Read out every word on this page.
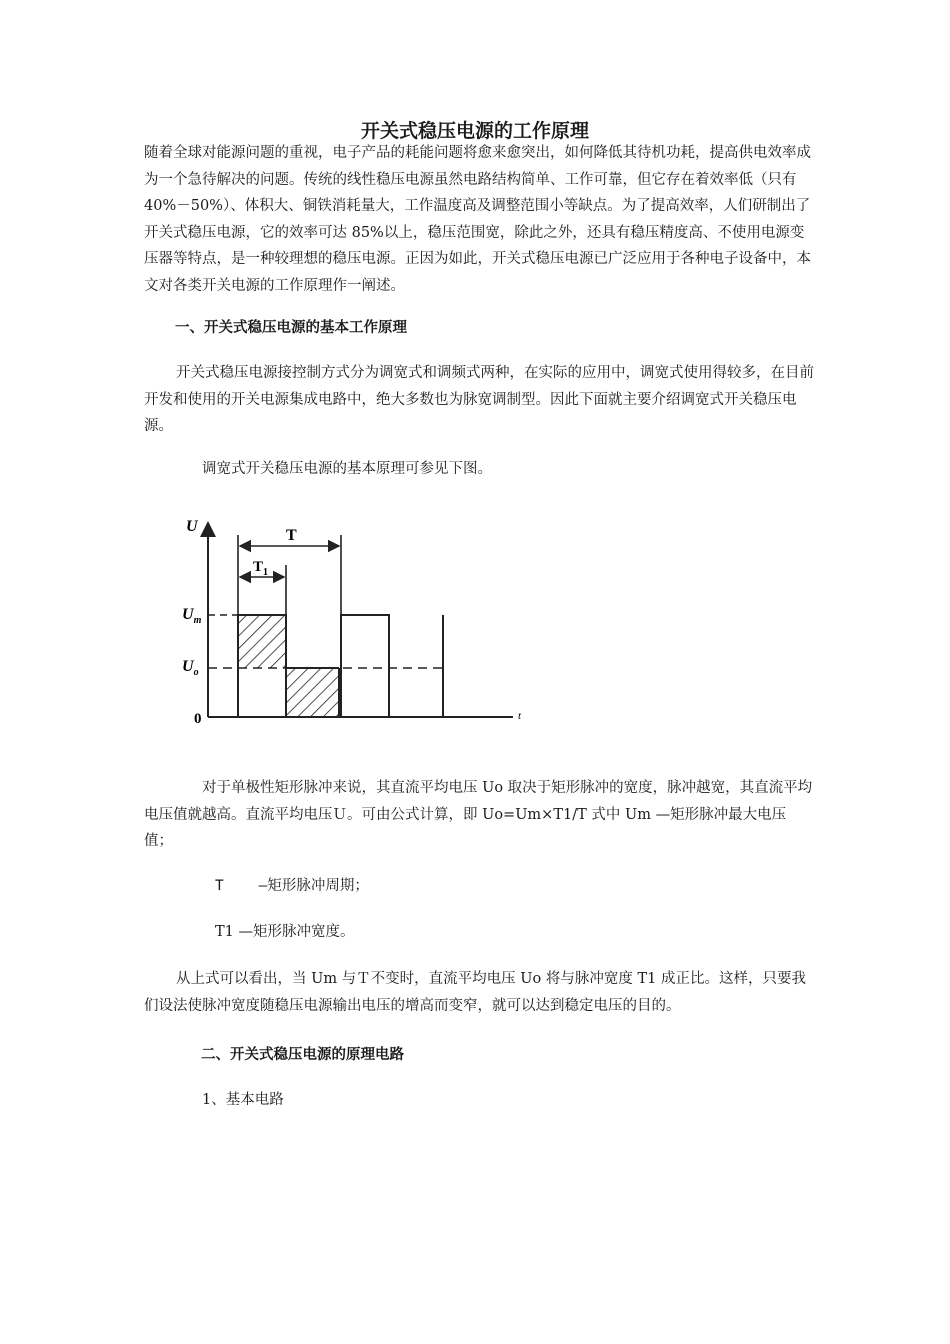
开关式稳压电源的工作原理

随着全球对能源问题的重视，电子产品的耗能问题将愈来愈突出，如何降低其待机功耗，提高供电效率成为一个急待解决的问题。传统的线性稳压电源虽然电路结构简单、工作可靠，但它存在着效率低（只有 40%－50%）、体积大、铜铁消耗量大，工作温度高及调整范围小等缺点。为了提高效率，人们研制出了开关式稳压电源，它的效率可达 85%以上，稳压范围宽，除此之外，还具有稳压精度高、不使用电源变压器等特点，是一种较理想的稳压电源。正因为如此，开关式稳压电源已广泛应用于各种电子设备中，本文对各类开关电源的工作原理作一阐述。

一、开关式稳压电源的基本工作原理

开关式稳压电源接控制方式分为调宽式和调频式两种，在实际的应用中，调宽式使用得较多，在目前开发和使用的开关电源集成电路中，绝大多数也为脉宽调制型。因此下面就主要介绍调宽式开关稳压电源。

调宽式开关稳压电源的基本原理可参见下图。

U
T
$T_1$
$U_m$
$U_o$
0	t

对于单极性矩形脉冲来说，其直流平均电压 Uo 取决于矩形脉冲的宽度，脉冲越宽，其直流平均电压值就越高。直流平均电压Ｕ。可由公式计算，即 Uo=Um×T1/T 式中 Um —矩形脉冲最大电压值；

T    —矩形脉冲周期；
T1 —矩形脉冲宽度。

从上式可以看出，当 Um 与Ｔ不变时，直流平均电压 Uo 将与脉冲宽度 T1 成正比。这样，只要我们设法使脉冲宽度随稳压电源输出电压的增高而变窄，就可以达到稳定电压的目的。

二、开关式稳压电源的原理电路
1、基本电路
